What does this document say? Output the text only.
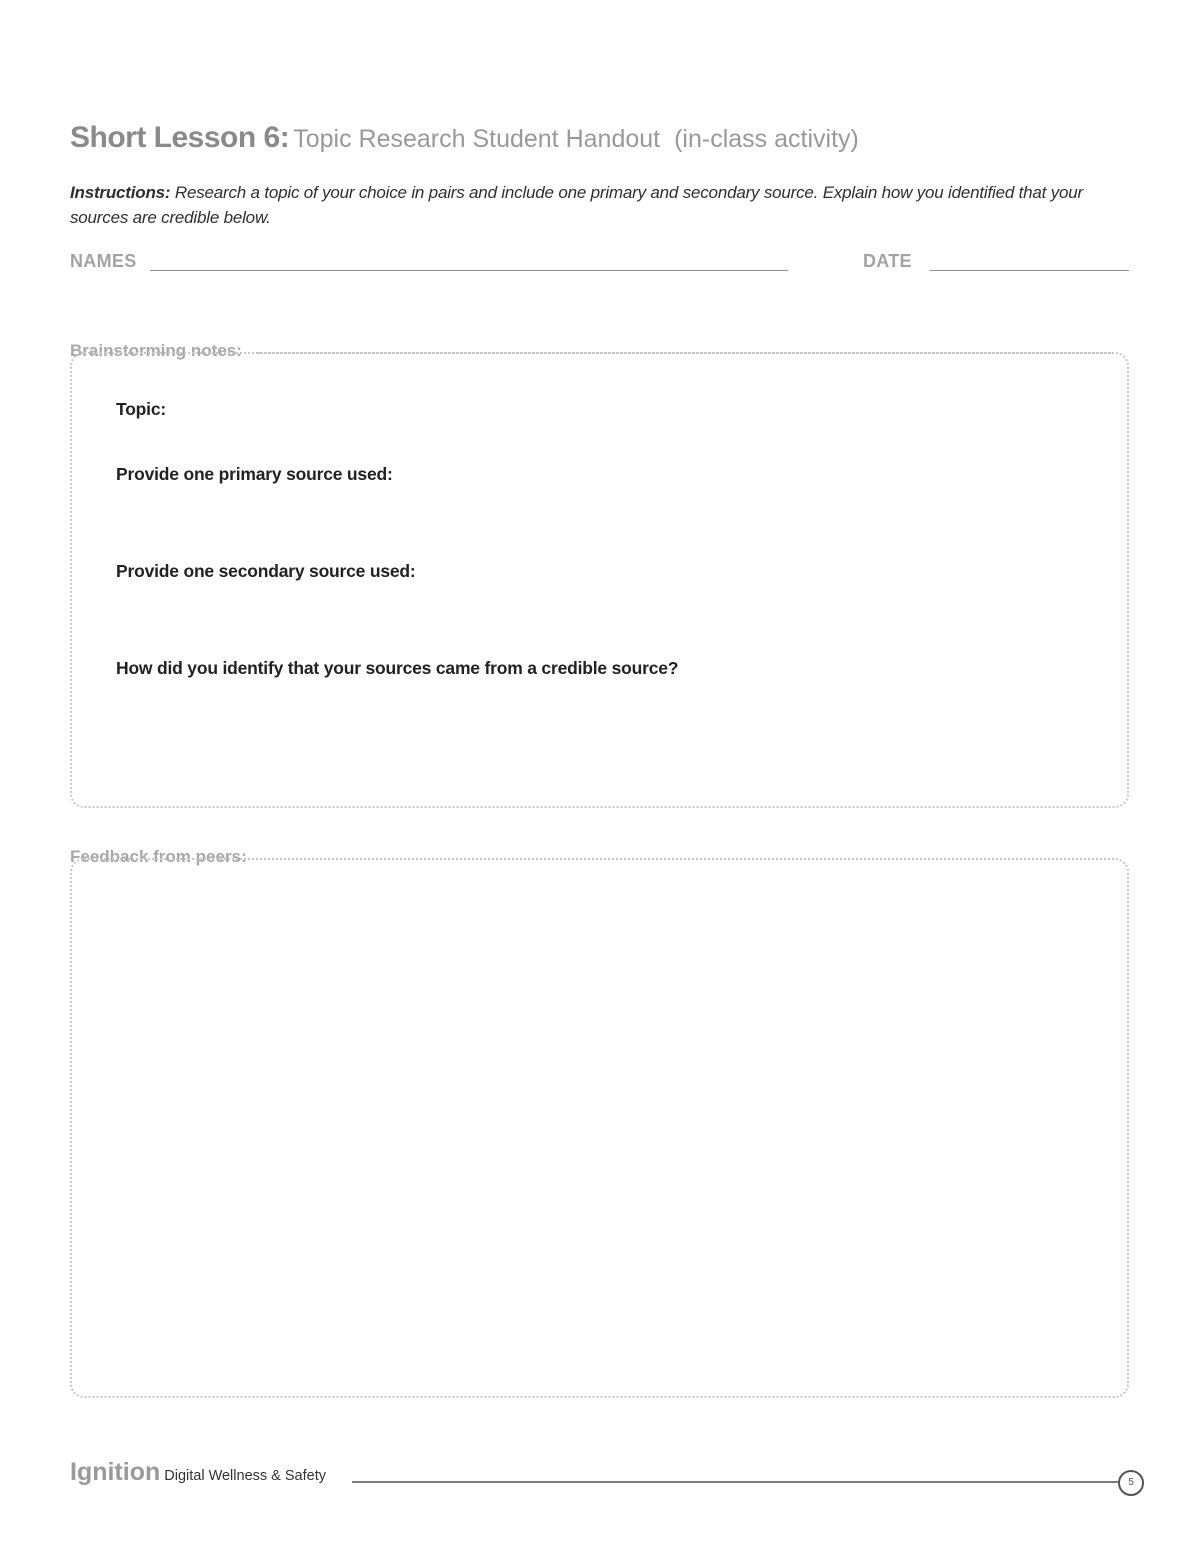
Short Lesson 6: Topic Research Student Handout (in-class activity)

Instructions: Research a topic of your choice in pairs and include one primary and secondary source. Explain how you identified that your sources are credible below.

NAMES	DATE
Brainstorming notes:
Topic:
Provide one primary source used:
Provide one secondary source used:
How did you identify that your sources came from a credible source?
Feedback from peers:
Ignition Digital Wellness & Safety	5
